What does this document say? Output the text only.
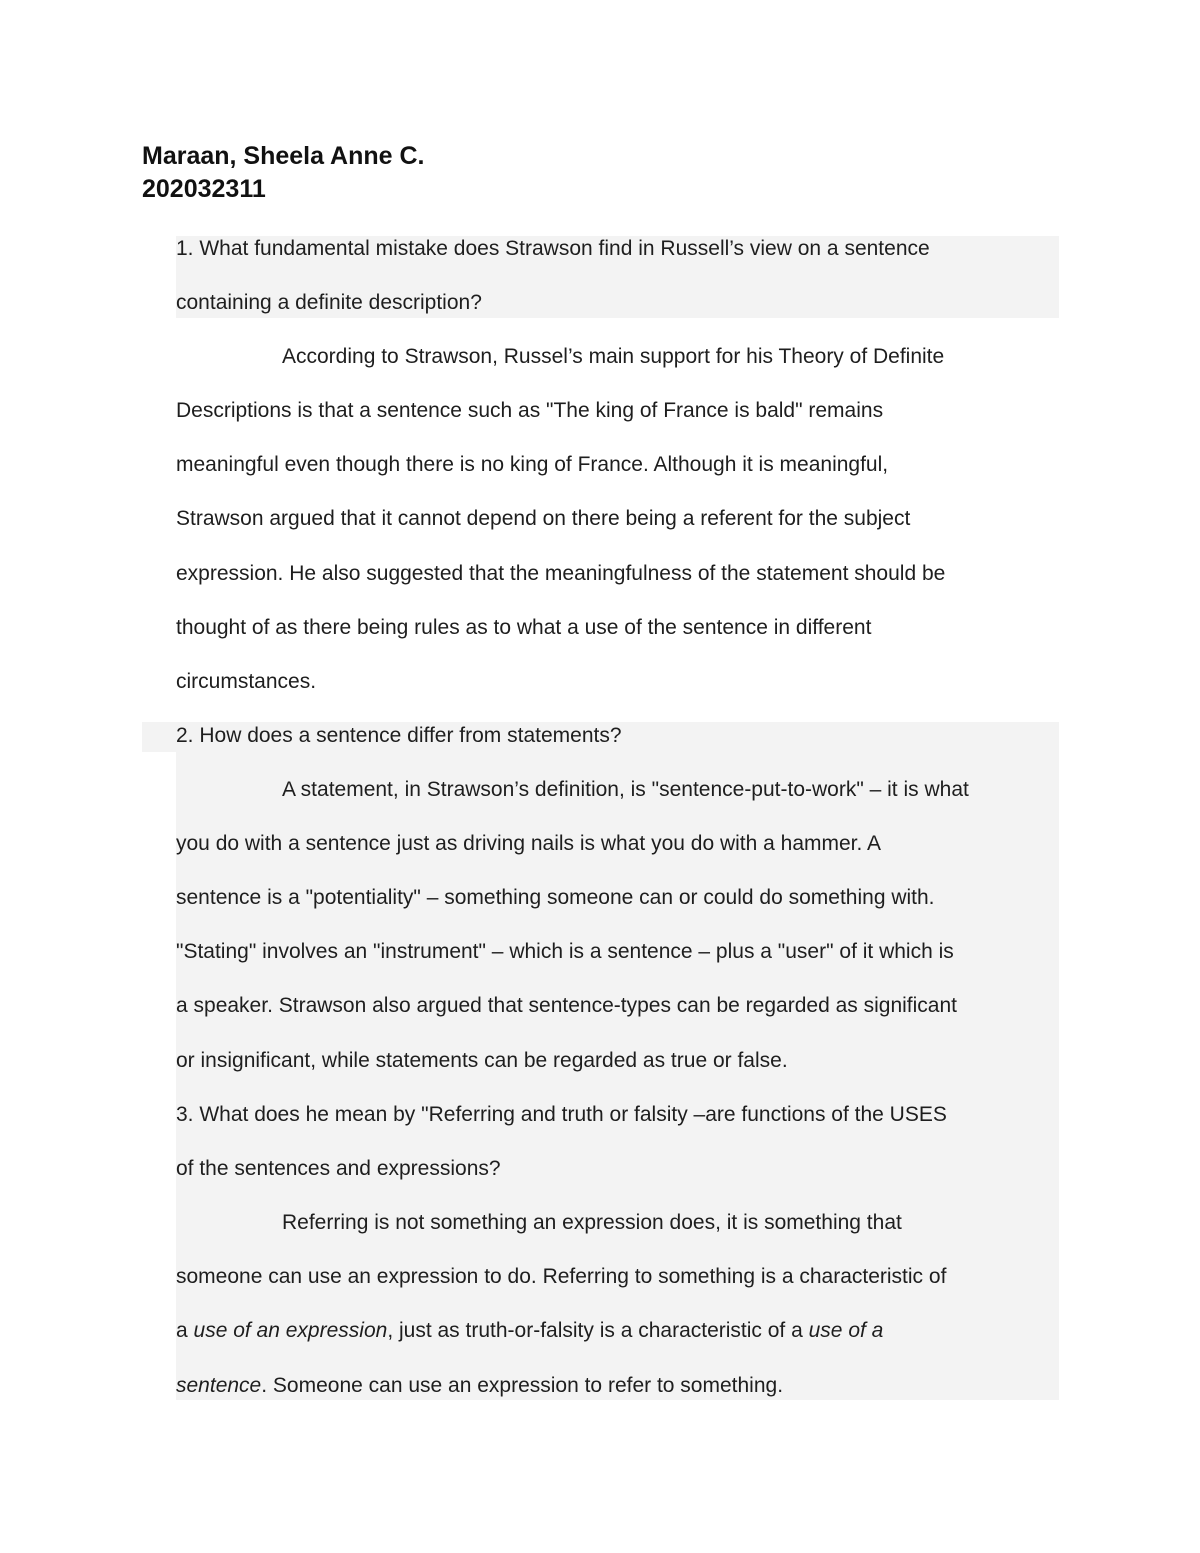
Maraan, Sheela Anne C.
202032311
1. What fundamental mistake does Strawson find in Russell’s view on a sentence
containing a definite description?
According to Strawson, Russel’s main support for his Theory of Definite
Descriptions is that a sentence such as "The king of France is bald" remains
meaningful even though there is no king of France. Although it is meaningful,
Strawson argued that it cannot depend on there being a referent for the subject
expression. He also suggested that the meaningfulness of the statement should be
thought of as there being rules as to what a use of the sentence in different
circumstances.
2. How does a sentence differ from statements?
A statement, in Strawson’s definition, is "sentence-put-to-work" – it is what
you do with a sentence just as driving nails is what you do with a hammer. A
sentence is a "potentiality" – something someone can or could do something with.
"Stating" involves an "instrument" – which is a sentence – plus a "user" of it which is
a speaker. Strawson also argued that sentence-types can be regarded as significant
or insignificant, while statements can be regarded as true or false.
3. What does he mean by "Referring and truth or falsity –are functions of the USES
of the sentences and expressions?
Referring is not something an expression does, it is something that
someone can use an expression to do. Referring to something is a characteristic of
a use of an expression, just as truth-or-falsity is a characteristic of a use of a
sentence. Someone can use an expression to refer to something.
